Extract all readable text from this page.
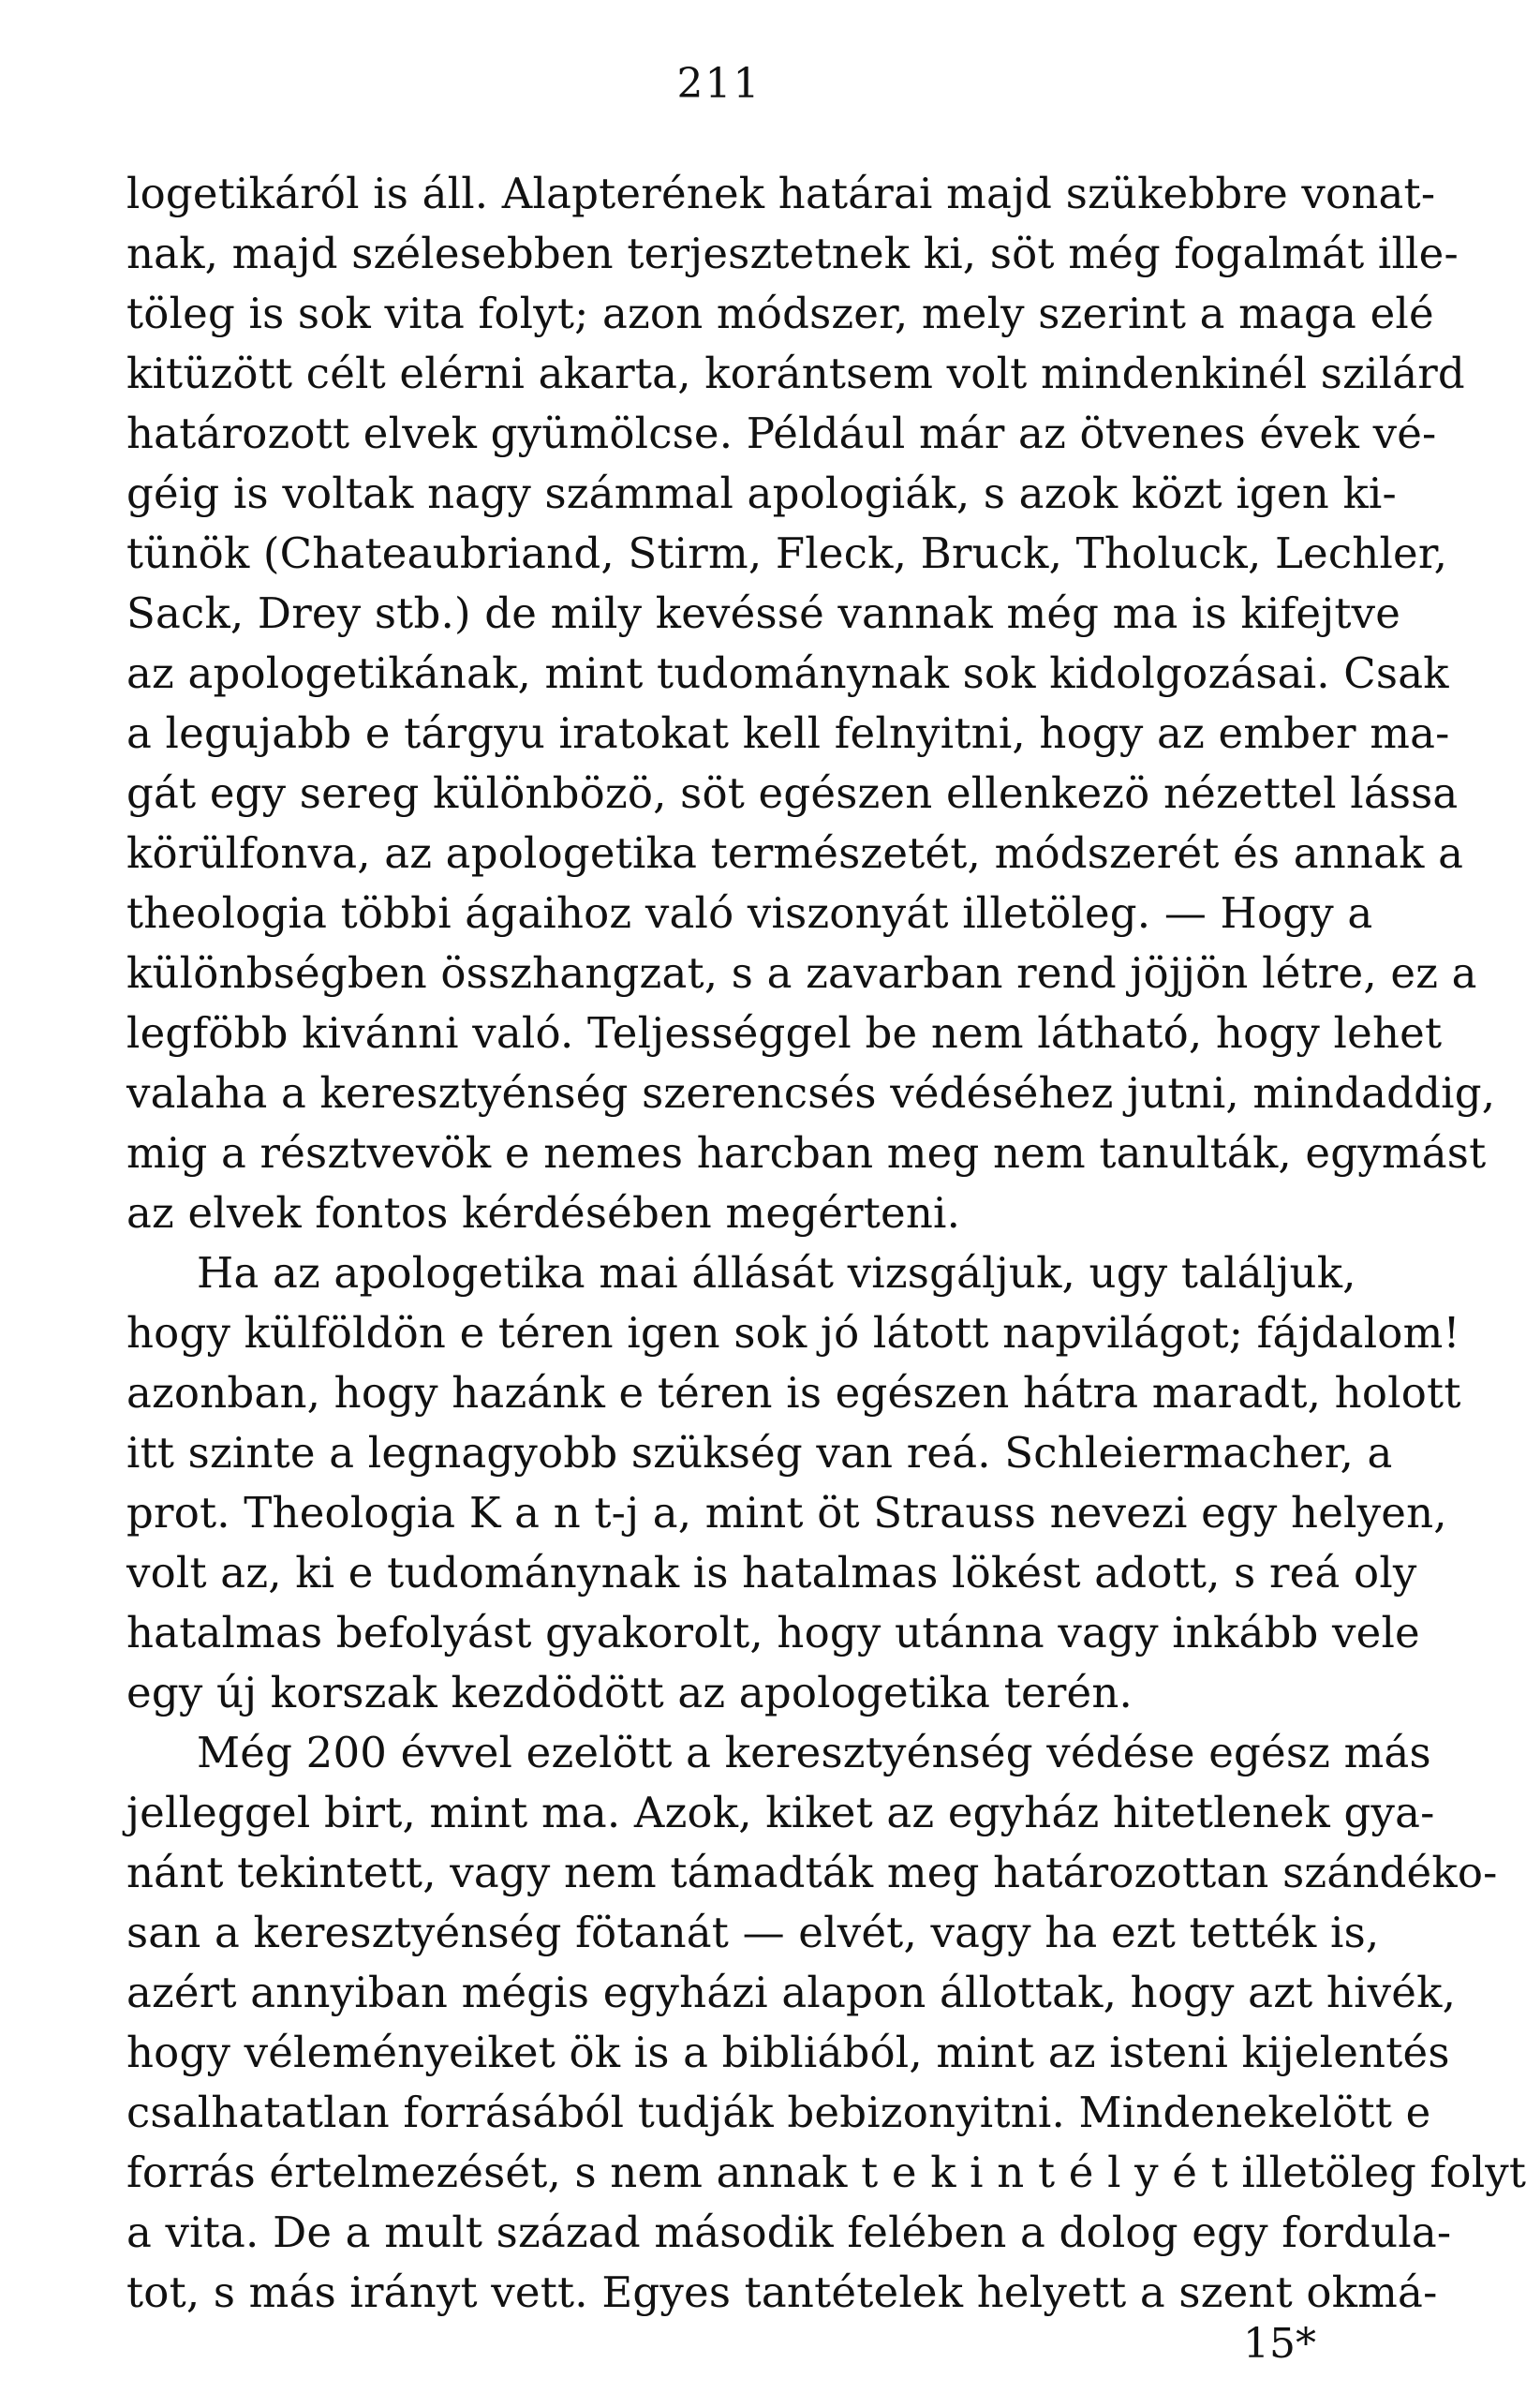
211
logetikáról is áll. Alapterének határai majd szükebbre vonat-
nak, majd szélesebben terjesztetnek ki, söt még fogalmát ille-
töleg is sok vita folyt; azon módszer, mely szerint a maga elé
kitüzött célt elérni akarta, korántsem volt mindenkinél szilárd
határozott elvek gyümölcse. Például már az ötvenes évek vé-
géig is voltak nagy számmal apologiák, s azok közt igen ki-
tünök (Chateaubriand, Stirm, Fleck, Bruck, Tholuck, Lechler,
Sack, Drey stb.) de mily kevéssé vannak még ma is kifejtve
az apologetikának, mint tudománynak sok kidolgozásai. Csak
a legujabb e tárgyu iratokat kell felnyitni, hogy az ember ma-
gát egy sereg különbözö, söt egészen ellenkezö nézettel lássa
körülfonva, az apologetika természetét, módszerét és annak a
theologia többi ágaihoz való viszonyát illetöleg. — Hogy a
különbségben összhangzat, s a zavarban rend jöjjön létre, ez a
legföbb kivánni való. Teljességgel be nem látható, hogy lehet
valaha a keresztyénség szerencsés védéséhez jutni, mindaddig,
mig a résztvevök e nemes harcban meg nem tanulták, egymást
az elvek fontos kérdésében megérteni.
Ha az apologetika mai állását vizsgáljuk, ugy találjuk,
hogy külföldön e téren igen sok jó látott napvilágot; fájdalom!
azonban, hogy hazánk e téren is egészen hátra maradt, holott
itt szinte a legnagyobb szükség van reá. Schleiermacher, a
prot. Theologia K a n t-j a, mint öt Strauss nevezi egy helyen,
volt az, ki e tudománynak is hatalmas lökést adott, s reá oly
hatalmas befolyást gyakorolt, hogy utánna vagy inkább vele
egy új korszak kezdödött az apologetika terén.
Még 200 évvel ezelött a keresztyénség védése egész más
jelleggel birt, mint ma. Azok, kiket az egyház hitetlenek gya-
nánt tekintett, vagy nem támadták meg határozottan szándéko-
san a keresztyénség fötanát — elvét, vagy ha ezt tették is,
azért annyiban mégis egyházi alapon állottak, hogy azt hivék,
hogy véleményeiket ök is a bibliából, mint az isteni kijelentés
csalhatatlan forrásából tudják bebizonyitni. Mindenekelött e
forrás értelmezését, s nem annak t e k i n t é l y é t illetöleg folyt
a vita. De a mult század második felében a dolog egy fordula-
tot, s más irányt vett. Egyes tantételek helyett a szent okmá-
15*
